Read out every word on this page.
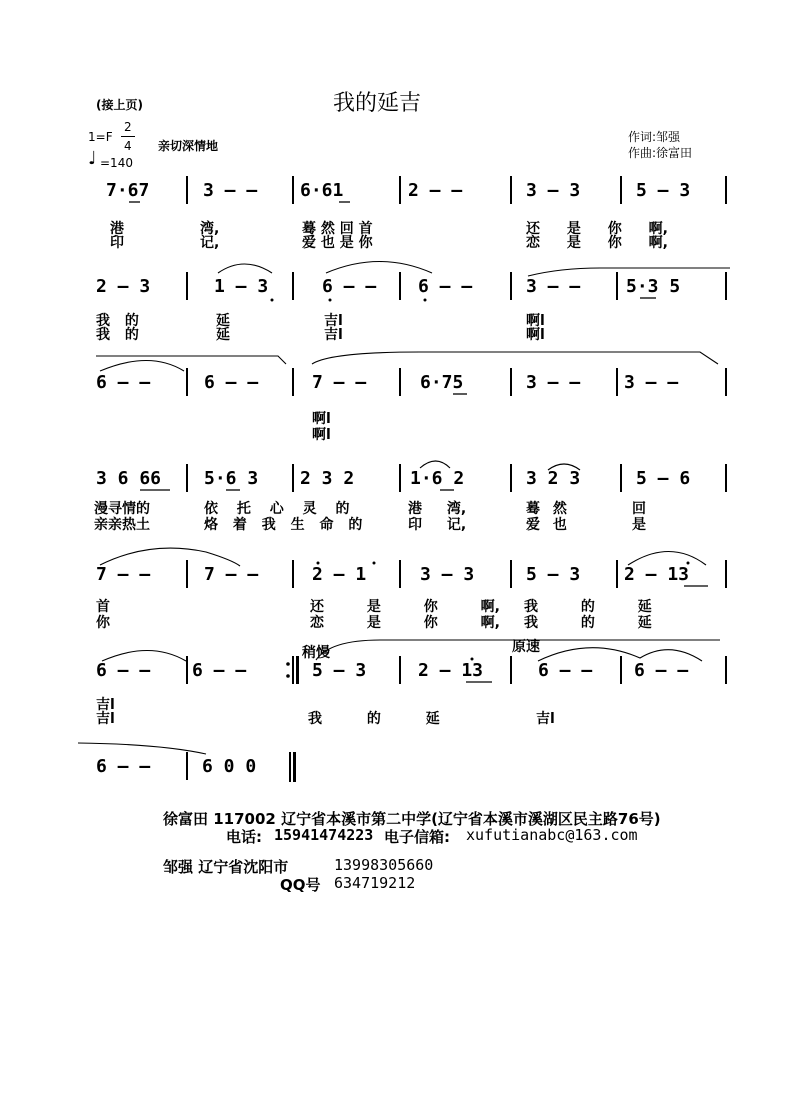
(接上页)	我的延吉
1=F
2
4 亲切深情地
♩ =140
作词:邹强
作曲:徐富田
7·67	3 – – 6·61	2 – –	3 – 3	5 – 3
港	湾,	蓦 然 回 首	还 是 你 啊,
印	记,	爱 也 是 你	恋 是 你 啊,
2 – 3	1 – 3	6 – – 6 – –	3 – –	5·3 5
我 的	延	吉l	啊l
我 的	延	吉l	啊l
6 – –	6 – –	7 – –	6·75	3 – – 3 – –
啊l
啊l
3 6 66 5·6 3 2 3 2	1·6 2	3 2 3	5 – 6
漫寻情的	依 托 心 灵 的	港 湾,	蓦 然	回
亲亲热土	烙 着 我 生 命 的	印 记,	爱 也	是
7 – –	7 – –	2 – 1	3 – 3	5 – 3 2 – 13
首	还 是 你 啊, 我 的 延
你	恋 是 你 啊, 我 的 延
稍慢	原速
6 – – 6 – –	5 – 3	2 – 13	6 – – 6 – –
吉l
吉l	我 的 延	吉l
6 – –	6 0 0
徐富田 117002 辽宁省本溪市第二中学(辽宁省本溪市溪湖区民主路76号)
电话: 15941474223 电子信箱: xufutianabc@163.com
邹强 辽宁省沈阳市	13998305660
QQ号 634719212
